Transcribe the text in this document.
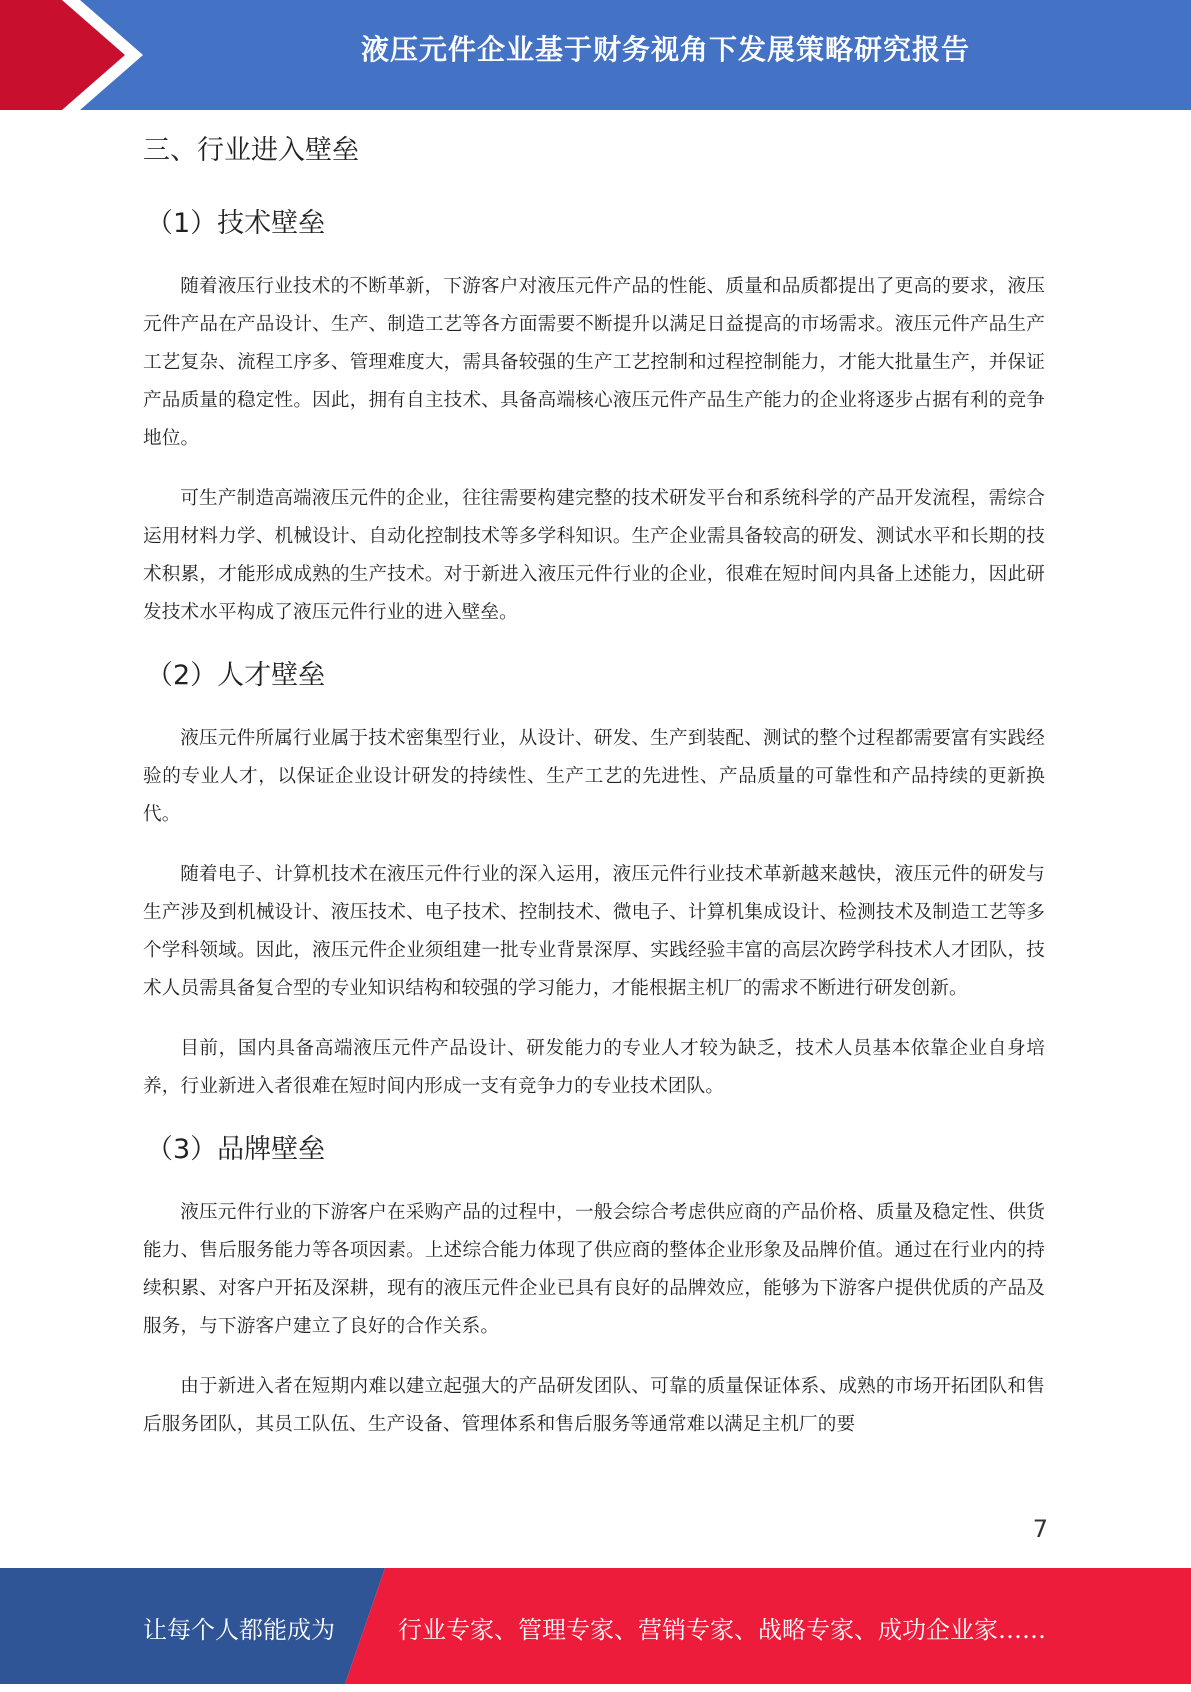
液压元件企业基于财务视角下发展策略研究报告
三、行业进入壁垒
（1）技术壁垒

随着液压行业技术的不断革新，下游客户对液压元件产品的性能、质量和品质都提出了更高的要求，液压元件产品在产品设计、生产、制造工艺等各方面需要不断提升以满足日益提高的市场需求。液压元件产品生产工艺复杂、流程工序多、管理难度大，需具备较强的生产工艺控制和过程控制能力，才能大批量生产，并保证产品质量的稳定性。因此，拥有自主技术、具备高端核心液压元件产品生产能力的企业将逐步占据有利的竞争地位。

可生产制造高端液压元件的企业，往往需要构建完整的技术研发平台和系统科学的产品开发流程，需综合运用材料力学、机械设计、自动化控制技术等多学科知识。生产企业需具备较高的研发、测试水平和长期的技术积累，才能形成成熟的生产技术。对于新进入液压元件行业的企业，很难在短时间内具备上述能力，因此研发技术水平构成了液压元件行业的进入壁垒。

（2）人才壁垒

液压元件所属行业属于技术密集型行业，从设计、研发、生产到装配、测试的整个过程都需要富有实践经验的专业人才，以保证企业设计研发的持续性、生产工艺的先进性、产品质量的可靠性和产品持续的更新换代。

随着电子、计算机技术在液压元件行业的深入运用，液压元件行业技术革新越来越快，液压元件的研发与生产涉及到机械设计、液压技术、电子技术、控制技术、微电子、计算机集成设计、检测技术及制造工艺等多个学科领域。因此，液压元件企业须组建一批专业背景深厚、实践经验丰富的高层次跨学科技术人才团队，技术人员需具备复合型的专业知识结构和较强的学习能力，才能根据主机厂的需求不断进行研发创新。

目前，国内具备高端液压元件产品设计、研发能力的专业人才较为缺乏，技术人员基本依靠企业自身培养，行业新进入者很难在短时间内形成一支有竞争力的专业技术团队。

（3）品牌壁垒

液压元件行业的下游客户在采购产品的过程中，一般会综合考虑供应商的产品价格、质量及稳定性、供货能力、售后服务能力等各项因素。上述综合能力体现了供应商的整体企业形象及品牌价值。通过在行业内的持续积累、对客户开拓及深耕，现有的液压元件企业已具有良好的品牌效应，能够为下游客户提供优质的产品及服务，与下游客户建立了良好的合作关系。

由于新进入者在短期内难以建立起强大的产品研发团队、可靠的质量保证体系、成熟的市场开拓团队和售后服务团队，其员工队伍、生产设备、管理体系和售后服务等通常难以满足主机厂的要

7
让每个人都能成为	行业专家、管理专家、营销专家、战略专家、成功企业家……
